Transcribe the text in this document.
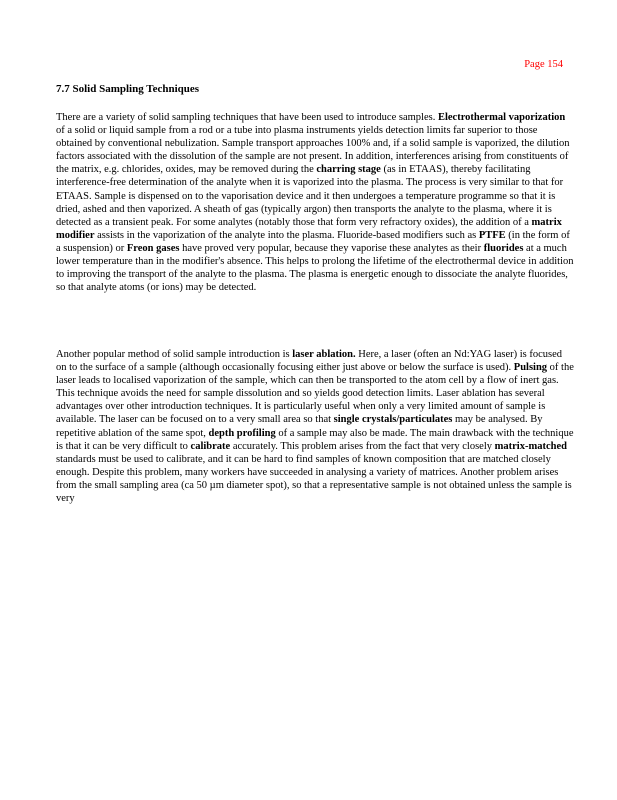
Page 154
7.7 Solid Sampling Techniques

There are a variety of solid sampling techniques that have been used to introduce samples. Electrothermal vaporization of a solid or liquid sample from a rod or a tube into plasma instruments yields detection limits far superior to those obtained by conventional nebulization. Sample transport approaches 100% and, if a solid sample is vaporized, the dilution factors associated with the dissolution of the sample are not present. In addition, interferences arising from constituents of the matrix, e.g. chlorides, oxides, may be removed during the charring stage (as in ETAAS), thereby facilitating interference-free determination of the analyte when it is vaporized into the plasma. The process is very similar to that for ETAAS. Sample is dispensed on to the vaporisation device and it then undergoes a temperature programme so that it is dried, ashed and then vaporized. A sheath of gas (typically argon) then transports the analyte to the plasma, where it is detected as a transient peak. For some analytes (notably those that form very refractory oxides), the addition of a matrix modifier assists in the vaporization of the analyte into the plasma. Fluoride-based modifiers such as PTFE (in the form of a suspension) or Freon gases have proved very popular, because they vaporise these analytes as their fluorides at a much lower temperature than in the modifier's absence. This helps to prolong the lifetime of the electrothermal device in addition to improving the transport of the analyte to the plasma. The plasma is energetic enough to dissociate the analyte fluorides, so that analyte atoms (or ions) may be detected.

Another popular method of solid sample introduction is laser ablation. Here, a laser (often an Nd:YAG laser) is focused on to the surface of a sample (although occasionally focusing either just above or below the surface is used). Pulsing of the laser leads to localised vaporization of the sample, which can then be transported to the atom cell by a flow of inert gas. This technique avoids the need for sample dissolution and so yields good detection limits. Laser ablation has several advantages over other introduction techniques. It is particularly useful when only a very limited amount of sample is available. The laser can be focused on to a very small area so that single crystals/particulates may be analysed. By repetitive ablation of the same spot, depth profiling of a sample may also be made. The main drawback with the technique is that it can be very difficult to calibrate accurately. This problem arises from the fact that very closely matrix-matched standards must be used to calibrate, and it can be hard to find samples of known composition that are matched closely enough. Despite this problem, many workers have succeeded in analysing a variety of matrices. Another problem arises from the small sampling area (ca 50 µm diameter spot), so that a representative sample is not obtained unless the sample is very
